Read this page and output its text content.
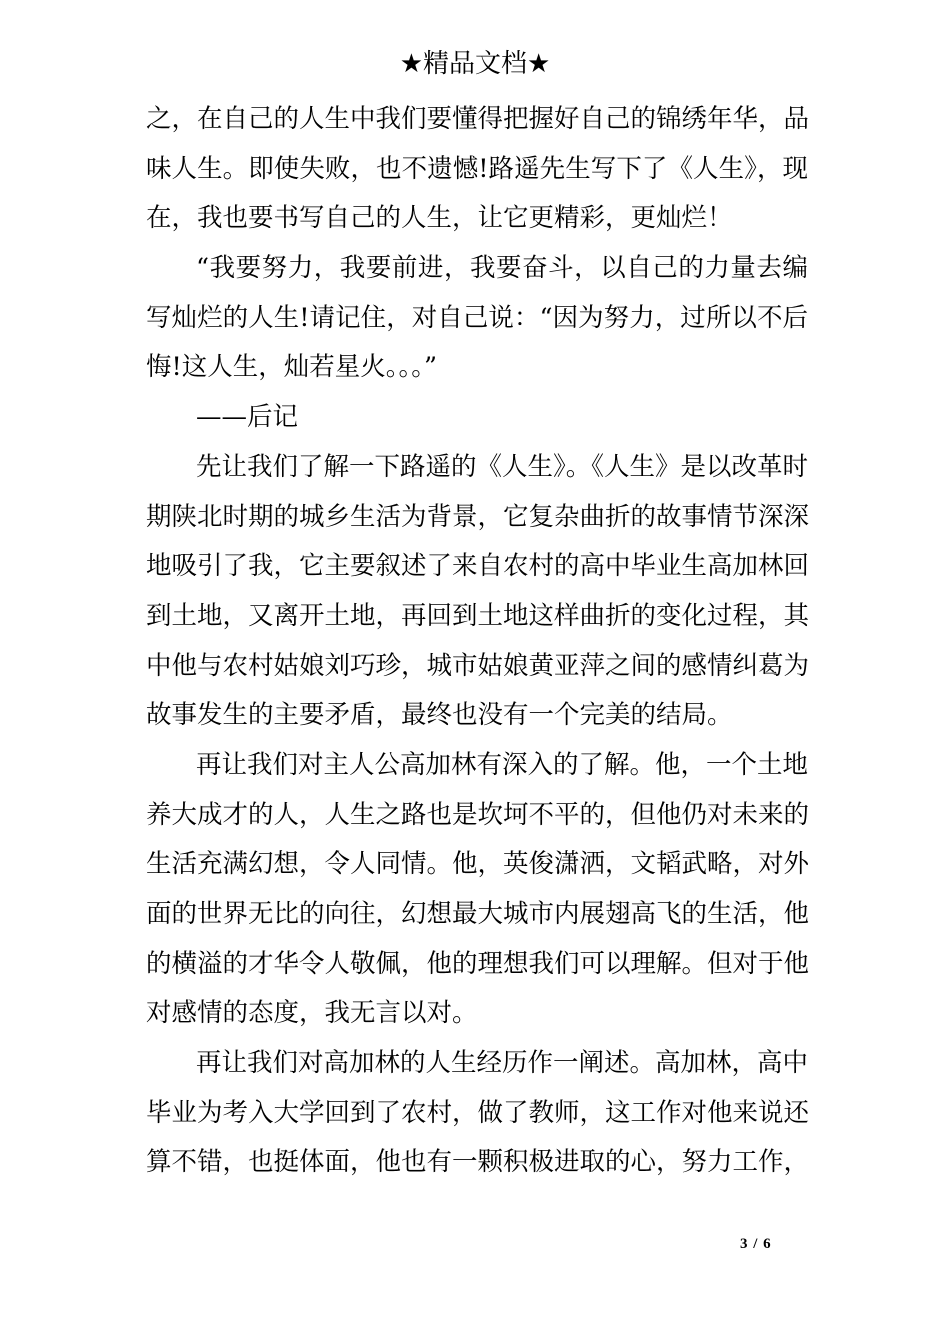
★精品文档★
之，在自己的人生中我们要懂得把握好自己的锦绣年华，品
味人生。即使失败，也不遗憾!路遥先生写下了《人生》，现
在，我也要书写自己的人生，让它更精彩，更灿烂！
“我要努力，我要前进，我要奋斗，以自己的力量去编
写灿烂的人生!请记住，对自己说：“因为努力，过所以不后
悔!这人生，灿若星火。。。”
——后记
先让我们了解一下路遥的《人生》。《人生》是以改革时
期陕北时期的城乡生活为背景，它复杂曲折的故事情节深深
地吸引了我，它主要叙述了来自农村的高中毕业生高加林回
到土地，又离开土地，再回到土地这样曲折的变化过程，其
中他与农村姑娘刘巧珍，城市姑娘黄亚萍之间的感情纠葛为
故事发生的主要矛盾，最终也没有一个完美的结局。
再让我们对主人公高加林有深入的了解。他，一个土地
养大成才的人，人生之路也是坎坷不平的，但他仍对未来的
生活充满幻想，令人同情。他，英俊潇洒，文韬武略，对外
面的世界无比的向往，幻想最大城市内展翅高飞的生活，他
的横溢的才华令人敬佩，他的理想我们可以理解。但对于他
对感情的态度，我无言以对。
再让我们对高加林的人生经历作一阐述。高加林，高中
毕业为考入大学回到了农村，做了教师，这工作对他来说还
算不错，也挺体面，他也有一颗积极进取的心，努力工作，
3 / 6
